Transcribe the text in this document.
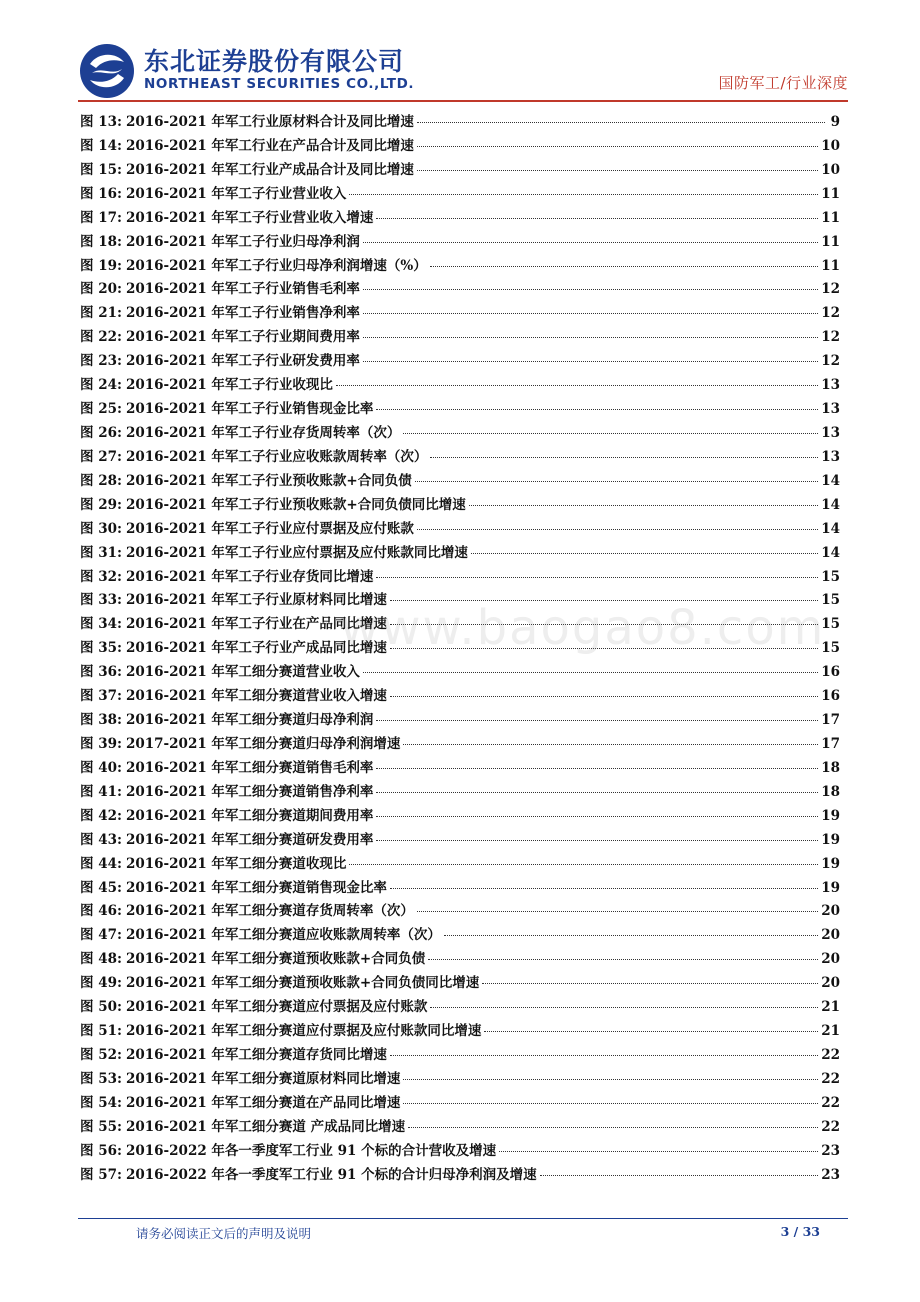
东北证券股份有限公司
NORTHEAST SECURITIES CO.,LTD.	国防军工/行业深度
图 13: 2016-2021 年军工行业原材料合计及同比增速	9
图 14: 2016-2021 年军工行业在产品合计及同比增速	10
图 15: 2016-2021 年军工行业产成品合计及同比增速	10
图 16: 2016-2021 年军工子行业营业收入	11
图 17: 2016-2021 年军工子行业营业收入增速	11
图 18: 2016-2021 年军工子行业归母净利润	11
图 19: 2016-2021 年军工子行业归母净利润增速（%）	11
图 20: 2016-2021 年军工子行业销售毛利率	12
图 21: 2016-2021 年军工子行业销售净利率	12
图 22: 2016-2021 年军工子行业期间费用率	12
图 23: 2016-2021 年军工子行业研发费用率	12
图 24: 2016-2021 年军工子行业收现比	13
图 25: 2016-2021 年军工子行业销售现金比率	13
图 26: 2016-2021 年军工子行业存货周转率（次）	13
图 27: 2016-2021 年军工子行业应收账款周转率（次）	13
图 28: 2016-2021 年军工子行业预收账款+合同负债	14
图 29: 2016-2021 年军工子行业预收账款+合同负债同比增速	14
图 30: 2016-2021 年军工子行业应付票据及应付账款	14
图 31: 2016-2021 年军工子行业应付票据及应付账款同比增速	14
图 32: 2016-2021 年军工子行业存货同比增速	15
图 33: 2016-2021 年军工子行业原材料同比增速	15
图 34: 2016-2021 年军工子行业在产品同比增速	15
图 35: 2016-2021 年军工子行业产成品同比增速	15
图 36: 2016-2021 年军工细分赛道营业收入	16
图 37: 2016-2021 年军工细分赛道营业收入增速	16
图 38: 2016-2021 年军工细分赛道归母净利润	17
图 39: 2017-2021 年军工细分赛道归母净利润增速	17
图 40: 2016-2021 年军工细分赛道销售毛利率	18
图 41: 2016-2021 年军工细分赛道销售净利率	18
图 42: 2016-2021 年军工细分赛道期间费用率	19
图 43: 2016-2021 年军工细分赛道研发费用率	19
图 44: 2016-2021 年军工细分赛道收现比	19
图 45: 2016-2021 年军工细分赛道销售现金比率	19
图 46: 2016-2021 年军工细分赛道存货周转率（次）	20
图 47: 2016-2021 年军工细分赛道应收账款周转率（次）	20
图 48: 2016-2021 年军工细分赛道预收账款+合同负债	20
图 49: 2016-2021 年军工细分赛道预收账款+合同负债同比增速	20
图 50: 2016-2021 年军工细分赛道应付票据及应付账款	21
图 51: 2016-2021 年军工细分赛道应付票据及应付账款同比增速	21
图 52: 2016-2021 年军工细分赛道存货同比增速	22
图 53: 2016-2021 年军工细分赛道原材料同比增速	22
图 54: 2016-2021 年军工细分赛道在产品同比增速	22
图 55: 2016-2021 年军工细分赛道 产成品同比增速	22
图 56: 2016-2022 年各一季度军工行业 91 个标的合计营收及增速	23
图 57: 2016-2022 年各一季度军工行业 91 个标的合计归母净利润及增速	23
www.baogao8.com
请务必阅读正文后的声明及说明	3 / 33
